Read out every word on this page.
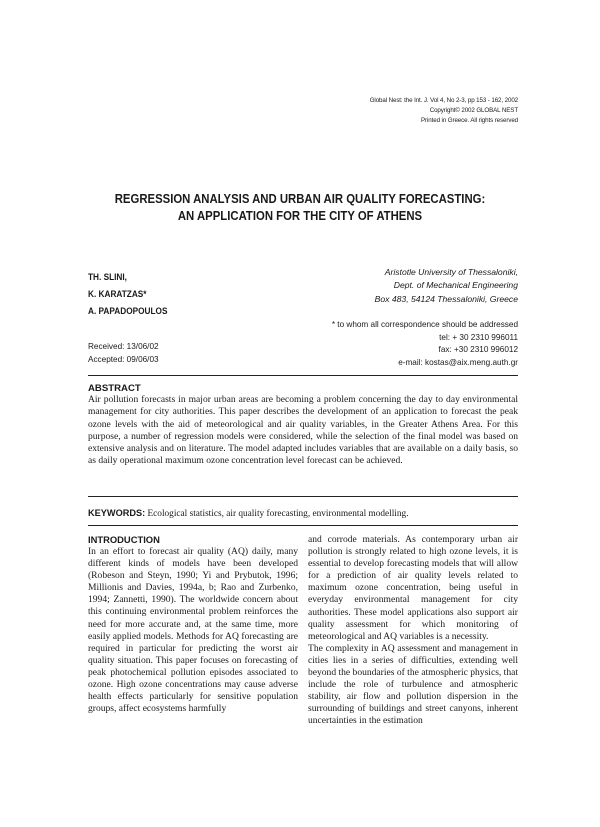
Global Nest: the Int. J. Vol 4, No 2-3, pp 153 - 162, 2002
Copyright© 2002 GLOBAL NEST
Printed in Greece. All rights reserved
REGRESSION ANALYSIS AND URBAN AIR QUALITY FORECASTING:
AN APPLICATION FOR THE CITY OF ATHENS
TH. SLINI,
K. KARATZAS*
A. PAPADOPOULOS
Aristotle University of Thessaloniki,
Dept. of Mechanical Engineering
Box 483, 54124 Thessaloniki, Greece
* to whom all correspondence should be addressed
tel: + 30 2310 996011
fax: +30 2310 996012
e-mail: kostas@aix.meng.auth.gr
Received: 13/06/02
Accepted: 09/06/03
ABSTRACT
Air pollution forecasts in major urban areas are becoming a problem concerning the day to day environmental management for city authorities. This paper describes the development of an application to forecast the peak ozone levels with the aid of meteorological and air quality variables, in the Greater Athens Area. For this purpose, a number of regression models were considered, while the selection of the final model was based on extensive analysis and on literature. The model adapted includes variables that are available on a daily basis, so as daily operational maximum ozone concentration level forecast can be achieved.
KEYWORDS: Ecological statistics, air quality forecasting, environmental modelling.
INTRODUCTION

In an effort to forecast air quality (AQ) daily, many different kinds of models have been developed (Robeson and Steyn, 1990; Yi and Prybutok, 1996; Millionis and Davies, 1994a, b; Rao and Zurbenko, 1994; Zannetti, 1990). The worldwide concern about this continuing environmental problem reinforces the need for more accurate and, at the same time, more easily applied models. Methods for AQ forecasting are required in particular for predicting the worst air quality situation. This paper focuses on forecasting of peak photochemical pollution episodes associated to ozone. High ozone concentrations may cause adverse health effects particularly for sensitive population groups, affect ecosystems harmfully

and corrode materials. As contemporary urban air pollution is strongly related to high ozone levels, it is essential to develop forecasting models that will allow for a prediction of air quality levels related to maximum ozone concentration, being useful in everyday environmental management for city authorities. These model applications also support air quality assessment for which monitoring of meteorological and AQ variables is a necessity.

The complexity in AQ assessment and management in cities lies in a series of difficulties, extending well beyond the boundaries of the atmospheric physics, that include the role of turbulence and atmospheric stability, air flow and pollution dispersion in the surrounding of buildings and street canyons, inherent uncertainties in the estimation
